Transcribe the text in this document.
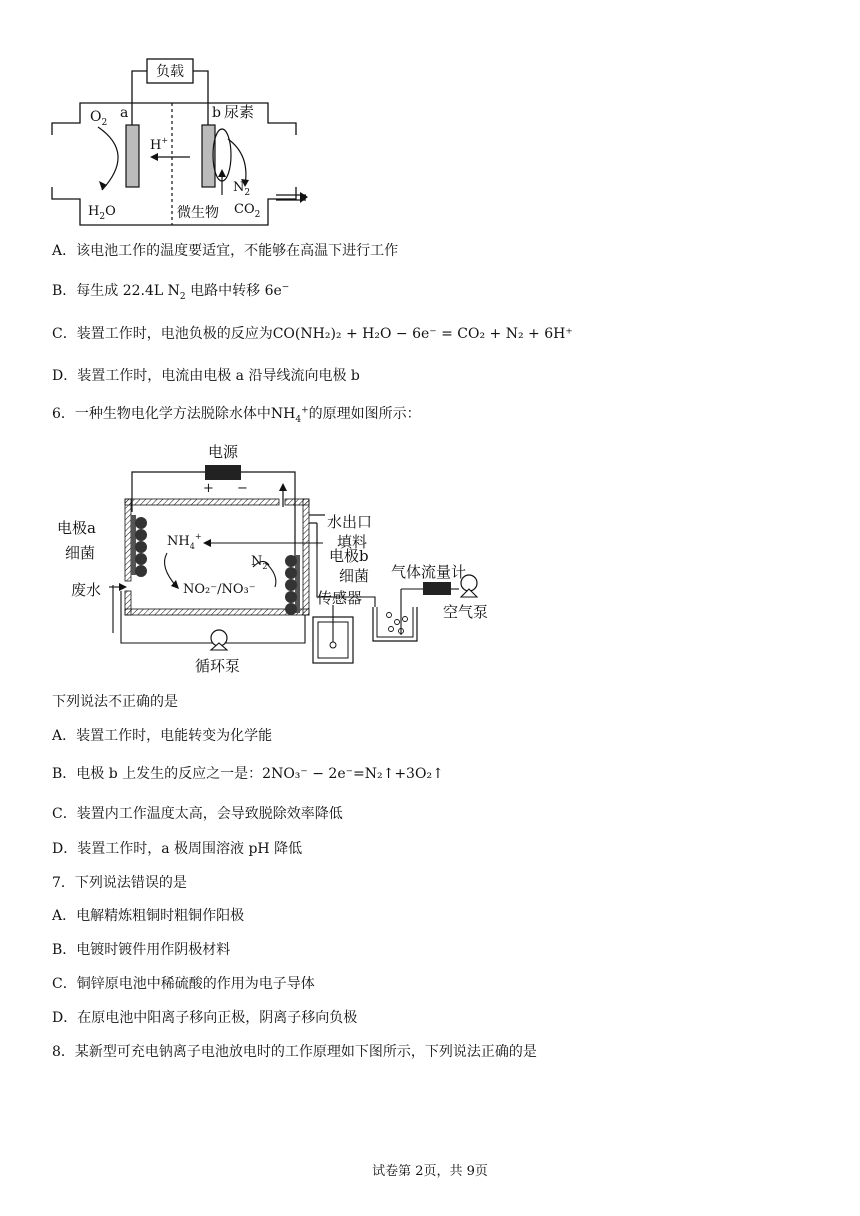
负载
$O_2$
a	b 尿素
H+
$N_2$
$H_2O$	微生物 $CO_2$
A．该电池工作的温度要适宜，不能够在高温下进行工作
B．每生成 22.4L $N_2$ 电路中转移 6e−
C．装置工作时，电池负极的反应为CO(NH₂)₂ + H₂O − 6e⁻ = CO₂ + N₂ + 6H⁺
D．装置工作时，电流由电极 a 沿导线流向电极 b
6．一种生物电化学方法脱除水体中$NH_4^+$的原理如图所示：
电源
+ −
电极a
细菌
废水
$NH_4^+$
NO₂⁻/NO₃⁻
$N_2$
水出口
填料
电极b
细菌
传感器
气体流量计
空气泵
循环泵
下列说法不正确的是
A．装置工作时，电能转变为化学能
B．电极 b 上发生的反应之一是：2NO₃⁻ − 2e⁻=N₂↑+3O₂↑
C．装置内工作温度太高，会导致脱除效率降低
D．装置工作时，a 极周围溶液 pH 降低
7．下列说法错误的是
A．电解精炼粗铜时粗铜作阳极
B．电镀时镀件用作阴极材料
C．铜锌原电池中稀硫酸的作用为电子导体
D．在原电池中阳离子移向正极，阴离子移向负极
8．某新型可充电钠离子电池放电时的工作原理如下图所示，下列说法正确的是
试卷第 2页，共 9页
